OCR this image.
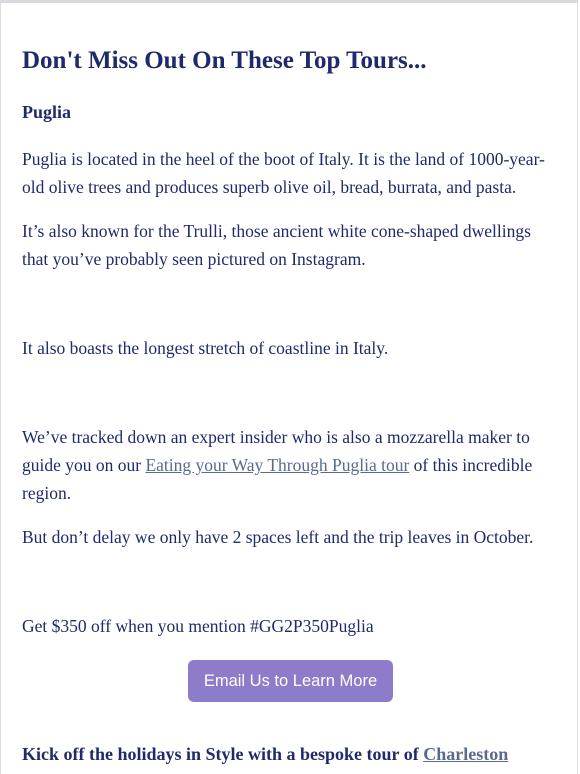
Don't Miss Out On These Top Tours...
Puglia

Puglia is located in the heel of the boot of Italy. It is the land of 1000-year-old olive trees and produces superb olive oil, bread, burrata, and pasta.

It’s also known for the Trulli, those ancient white cone-shaped dwellings that you’ve probably seen pictured on Instagram.

It also boasts the longest stretch of coastline in Italy.

We’ve tracked down an expert insider who is also a mozzarella maker to guide you on our Eating your Way Through Puglia tour of this incredible region.

But don’t delay we only have 2 spaces left and the trip leaves in October.

Get $350 off when you mention #GG2P350Puglia

Kick off the holidays in Style with a bespoke tour of Charleston

Email Us to Learn More
